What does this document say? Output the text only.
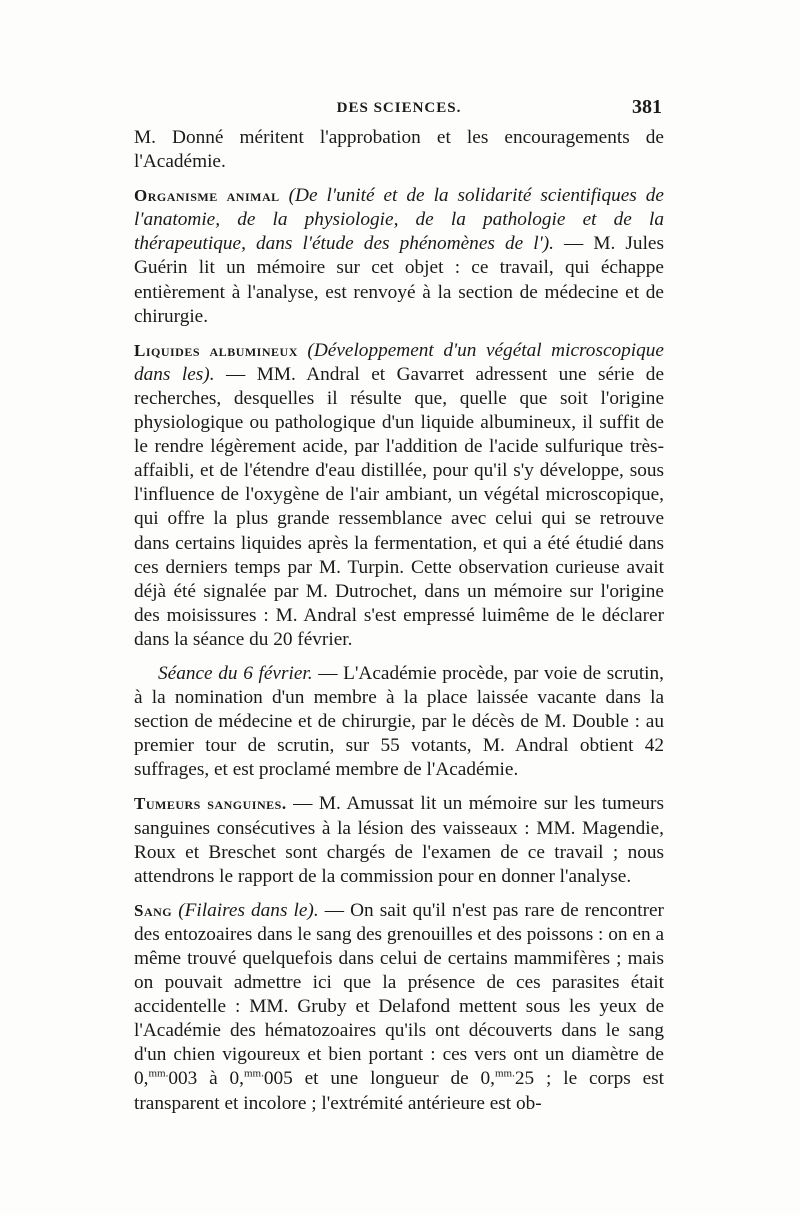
DES SCIENCES.	381

M. Donné méritent l'approbation et les encouragements de l'Académie.

Organisme animal (De l'unité et de la solidarité scientifiques de l'anatomie, de la physiologie, de la pathologie et de la thérapeutique, dans l'étude des phénomènes de l'). — M. Jules Guérin lit un mémoire sur cet objet : ce travail, qui échappe entièrement à l'analyse, est renvoyé à la section de médecine et de chirurgie.

Liquides albumineux (Développement d'un végétal microscopique dans les). — MM. Andral et Gavarret adressent une série de recherches, desquelles il résulte que, quelle que soit l'origine physiologique ou pathologique d'un liquide albumineux, il suffit de le rendre légèrement acide, par l'addition de l'acide sulfurique très-affaibli, et de l'étendre d'eau distillée, pour qu'il s'y développe, sous l'influence de l'oxygène de l'air ambiant, un végétal microscopique, qui offre la plus grande ressemblance avec celui qui se retrouve dans certains liquides après la fermentation, et qui a été étudié dans ces derniers temps par M. Turpin. Cette observation curieuse avait déjà été signalée par M. Dutrochet, dans un mémoire sur l'origine des moisissures : M. Andral s'est empressé luimême de le déclarer dans la séance du 20 février.

Séance du 6 février. — L'Académie procède, par voie de scrutin, à la nomination d'un membre à la place laissée vacante dans la section de médecine et de chirurgie, par le décès de M. Double : au premier tour de scrutin, sur 55 votants, M. Andral obtient 42 suffrages, et est proclamé membre de l'Académie.

Tumeurs sanguines. — M. Amussat lit un mémoire sur les tumeurs sanguines consécutives à la lésion des vaisseaux : MM. Magendie, Roux et Breschet sont chargés de l'examen de ce travail ; nous attendrons le rapport de la commission pour en donner l'analyse.

Sang (Filaires dans le). — On sait qu'il n'est pas rare de rencontrer des entozoaires dans le sang des grenouilles et des poissons : on en a même trouvé quelquefois dans celui de certains mammifères ; mais on pouvait admettre ici que la présence de ces parasites était accidentelle : MM. Gruby et Delafond mettent sous les yeux de l'Académie des hématozoaires qu'ils ont découverts dans le sang d'un chien vigoureux et bien portant : ces vers ont un diamètre de 0,$^{mm.}$003 à 0,$^{mm.}$005 et une longueur de 0,$^{mm.}$25 ; le corps est transparent et incolore ; l'extrémité antérieure est ob-
